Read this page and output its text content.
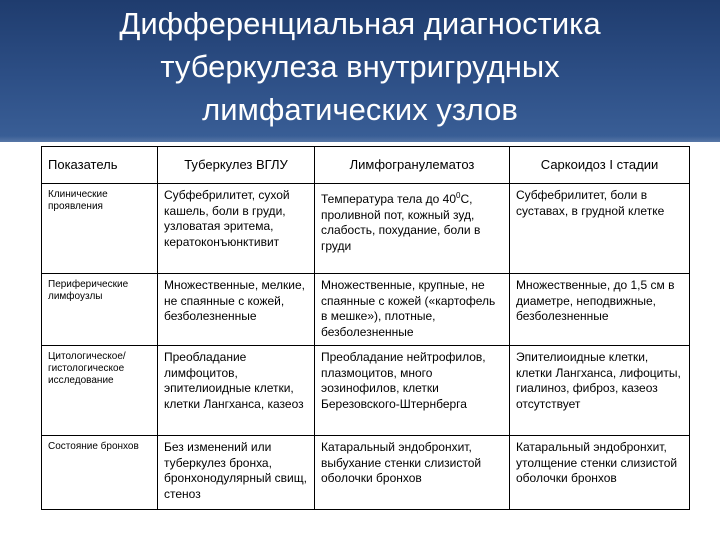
Дифференциальная диагностика
туберкулеза внутригрудных
лимфатических узлов
Показатель	Туберкулез ВГЛУ	Лимфогранулематоз	Саркоидоз I стадии
Клинические проявления	Субфебрилитет, сухой кашель, боли в груди, узловатая эритема, кератоконъюнктивит	Температура тела до $40^0С$, проливной пот, кожный зуд, слабость, похудание, боли в груди	Субфебрилитет, боли в суставах, в грудной клетке
Периферические лимфоузлы	Множественные, мелкие, не спаянные с кожей, безболезненные	Множественные, крупные, не спаянные с кожей («картофель в мешке»), плотные, безболезненные	Множественные, до 1,5 см в диаметре, неподвижные, безболезненные
Цитологическое/ гистологическое исследование	Преобладание лимфоцитов, эпителиоидные клетки, клетки Лангханса, казеоз	Преобладание нейтрофилов, плазмоцитов, много эозинофилов, клетки Березовского-Штернберга	Эпителиоидные клетки, клетки Лангханса, лифоциты, гиалиноз, фиброз, казеоз отсутствует
Состояние бронхов	Без изменений или туберкулез бронха, бронхонодулярный свищ, стеноз	Катаральный эндобронхит, выбухание стенки слизистой оболочки бронхов	Катаральный эндобронхит, утолщение стенки слизистой оболочки бронхов
